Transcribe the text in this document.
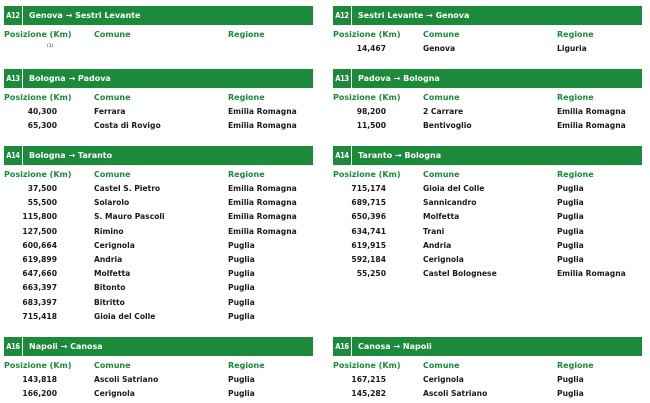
A12 Genova → Sestri Levante
Posizione (Km)	Comune	Regione
(1)
A13 Bologna → Padova
Posizione (Km)	Comune	Regione
40,300	Ferrara	Emilia Romagna
65,300	Costa di Rovigo	Emilia Romagna
A14 Bologna → Taranto
Posizione (Km)	Comune	Regione
37,500	Castel S. Pietro	Emilia Romagna
55,500	Solarolo	Emilia Romagna
115,800	S. Mauro Pascoli	Emilia Romagna
127,500	Rimino	Emilia Romagna
600,664	Cerignola	Puglia
619,899	Andria	Puglia
647,660	Molfetta	Puglia
663,397	Bitonto	Puglia
683,397	Bitritto	Puglia
715,418	Gioia del Colle	Puglia
A16 Napoli → Canosa
Posizione (Km)	Comune	Regione
143,818	Ascoli Satriano	Puglia
166,200	Cerignola	Puglia
A12 Sestri Levante → Genova
Posizione (Km)	Comune	Regione
14,467	Genova	Liguria
A13 Padova → Bologna
Posizione (Km)	Comune	Regione
98,200	2 Carrare	Emilia Romagna
11,500	Bentivoglio	Emilia Romagna
A14 Taranto → Bologna
Posizione (Km)	Comune	Regione
715,174	Gioia del Colle	Puglia
689,715	Sannicandro	Puglia
650,396	Molfetta	Puglia
634,741	Trani	Puglia
619,915	Andria	Puglia
592,184	Cerignola	Puglia
55,250	Castel Bolognese	Emilia Romagna
A16 Canosa → Napoli
Posizione (Km)	Comune	Regione
167,215	Cerignola	Puglia
145,282	Ascoli Satriano	Puglia
